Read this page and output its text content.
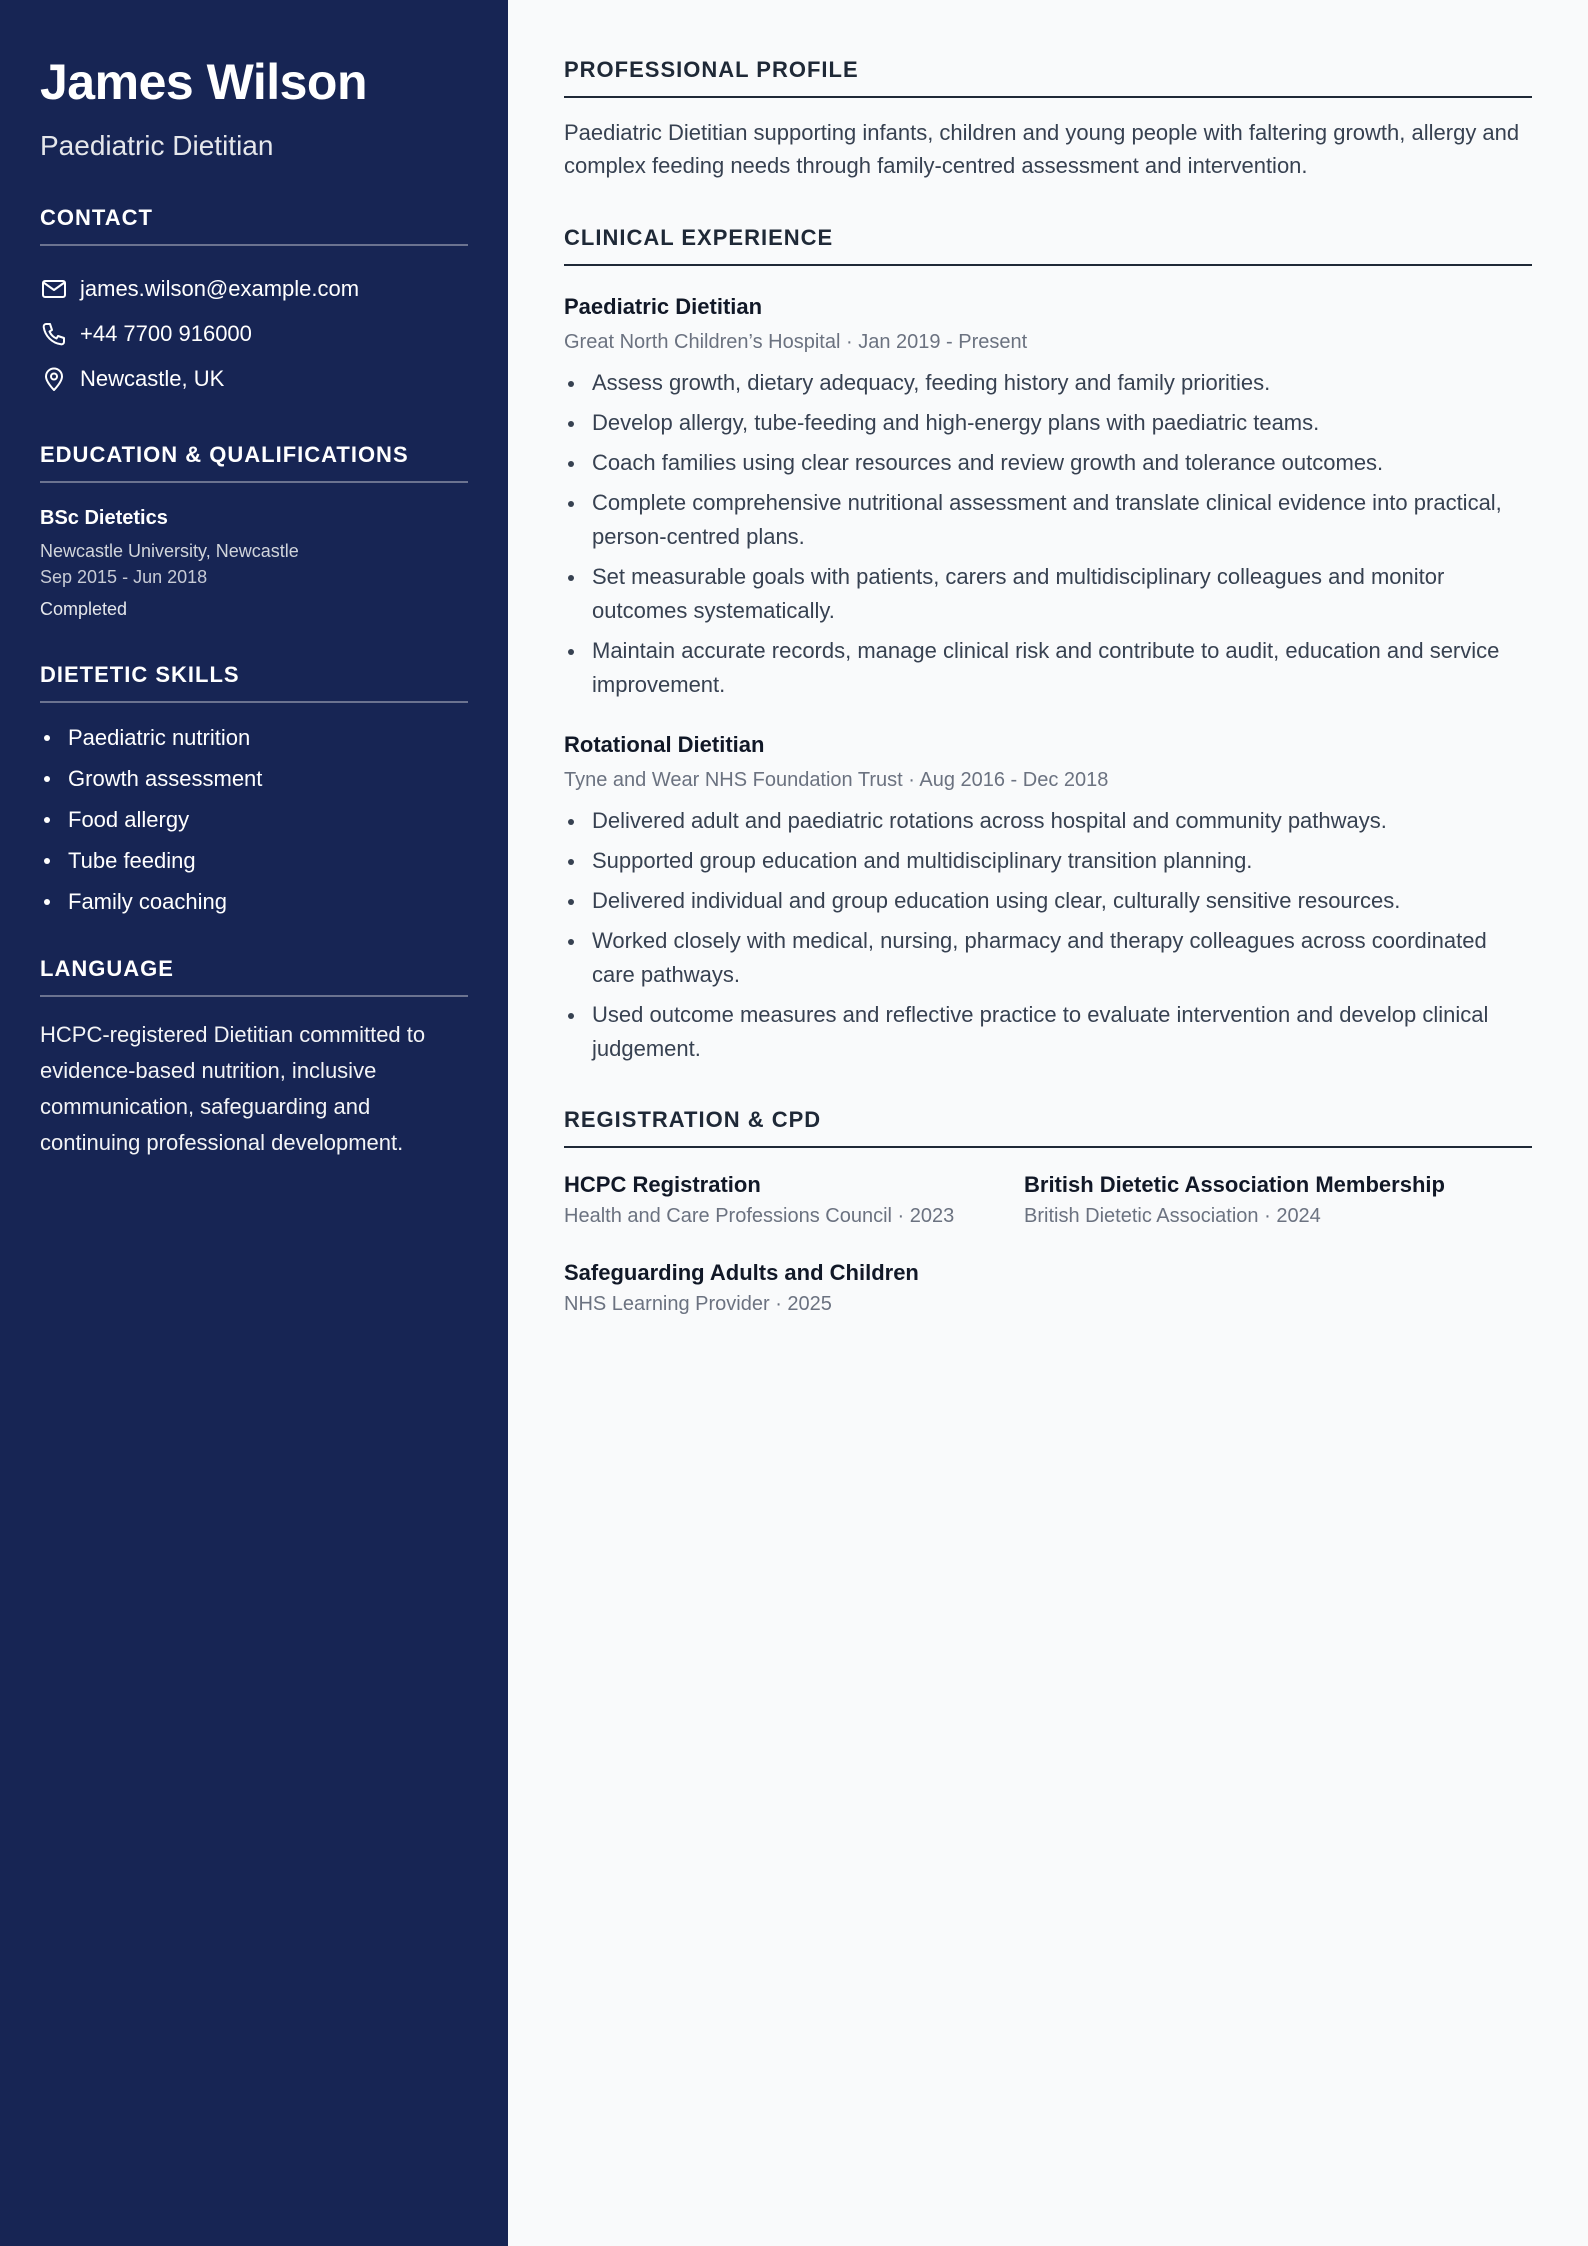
James Wilson
Paediatric Dietitian
CONTACT
james.wilson@example.com
+44 7700 916000
Newcastle, UK
EDUCATION & QUALIFICATIONS
BSc Dietetics
Newcastle University, Newcastle
Sep 2015 - Jun 2018
Completed
DIETETIC SKILLS
Paediatric nutrition
Growth assessment
Food allergy
Tube feeding
Family coaching
LANGUAGE

HCPC-registered Dietitian committed to evidence-based nutrition, inclusive communication, safeguarding and continuing professional development.

PROFESSIONAL PROFILE

Paediatric Dietitian supporting infants, children and young people with faltering growth, allergy and complex feeding needs through family-centred assessment and intervention.

CLINICAL EXPERIENCE
Paediatric Dietitian
Great North Children’s Hospital · Jan 2019 - Present
Assess growth, dietary adequacy, feeding history and family priorities.
Develop allergy, tube-feeding and high-energy plans with paediatric teams.
Coach families using clear resources and review growth and tolerance outcomes.
Complete comprehensive nutritional assessment and translate clinical evidence into practical, person-centred plans.
Set measurable goals with patients, carers and multidisciplinary colleagues and monitor outcomes systematically.
Maintain accurate records, manage clinical risk and contribute to audit, education and service improvement.
Rotational Dietitian
Tyne and Wear NHS Foundation Trust · Aug 2016 - Dec 2018
Delivered adult and paediatric rotations across hospital and community pathways.
Supported group education and multidisciplinary transition planning.
Delivered individual and group education using clear, culturally sensitive resources.
Worked closely with medical, nursing, pharmacy and therapy colleagues across coordinated care pathways.
Used outcome measures and reflective practice to evaluate intervention and develop clinical judgement.
REGISTRATION & CPD
HCPC Registration
Health and Care Professions Council · 2023
British Dietetic Association Membership
British Dietetic Association · 2024
Safeguarding Adults and Children
NHS Learning Provider · 2025
